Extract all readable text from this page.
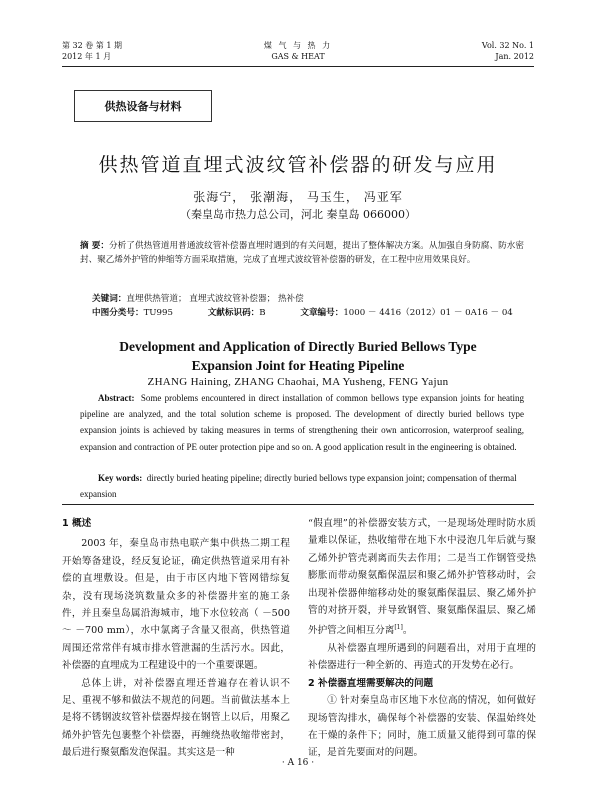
第 32 卷 第 1 期
2012 年 1 月
煤 气 与 热 力
GAS & HEAT
Vol. 32 No. 1
Jan. 2012
供热设备与材料
供热管道直埋式波纹管补偿器的研发与应用
张海宁， 张潮海， 马玉生， 冯亚军
（秦皇岛市热力总公司，河北 秦皇岛 066000）
摘 要：分析了供热管道用普通波纹管补偿器直埋时遇到的有关问题，提出了整体解决方案。从加强自身防腐、防水密封、聚乙烯外护管的伸缩等方面采取措施，完成了直埋式波纹管补偿器的研发，在工程中应用效果良好。
关键词：直埋供热管道； 直埋式波纹管补偿器； 热补偿
中图分类号：TU995	文献标识码：B	文章编号：1000 － 4416（2012）01 － 0A16 － 04
Development and Application of Directly Buried Bellows Type
Expansion Joint for Heating Pipeline
ZHANG Haining, ZHANG Chaohai, MA Yusheng, FENG Yajun
Abstract: Some problems encountered in direct installation of common bellows type expansion joints for heating pipeline are analyzed, and the total solution scheme is proposed. The development of directly buried bellows type expansion joints is achieved by taking measures in terms of strengthening their own anticorrosion, waterproof sealing, expansion and contraction of PE outer protection pipe and so on. A good application result in the engineering is obtained.
Key words: directly buried heating pipeline; directly buried bellows type expansion joint; compensation of thermal expansion

1 概述

2003 年，秦皇岛市热电联产集中供热二期工程开始筹备建设，经反复论证，确定供热管道采用有补偿的直埋敷设。但是，由于市区内地下管网错综复杂，没有现场浇筑数量众多的补偿器井室的施工条件，并且秦皇岛属沿海城市，地下水位较高（ －500 ～ －700 mm），水中氯离子含量又很高，供热管道周围还常常伴有城市排水管泄漏的生活污水。因此，补偿器的直埋成为工程建设中的一个重要课题。

总体上讲，对补偿器直埋还普遍存在着认识不足、重视不够和做法不规范的问题。当前做法基本上是将不锈钢波纹管补偿器焊接在钢管上以后，用聚乙烯外护管先包裹整个补偿器，再缠绕热收缩带密封，最后进行聚氨酯发泡保温。其实这是一种

“假直埋”的补偿器安装方式，一是现场处理时防水质量难以保证，热收缩带在地下水中浸泡几年后就与聚乙烯外护管壳剥离而失去作用；二是当工作钢管受热膨胀而带动聚氨酯保温层和聚乙烯外护管移动时，会出现补偿器伸缩移动处的聚氨酯保温层、聚乙烯外护管的对挤开裂，并导致钢管、聚氨酯保温层、聚乙烯外护管之间相互分离[1]。

从补偿器直埋所遇到的问题看出，对用于直埋的补偿器进行一种全新的、再造式的开发势在必行。

2 补偿器直埋需要解决的问题

① 针对秦皇岛市区地下水位高的情况，如何做好现场管沟排水，确保每个补偿器的安装、保温始终处在干燥的条件下；同时，施工质量又能得到可靠的保证，是首先要面对的问题。

· A 16 ·
